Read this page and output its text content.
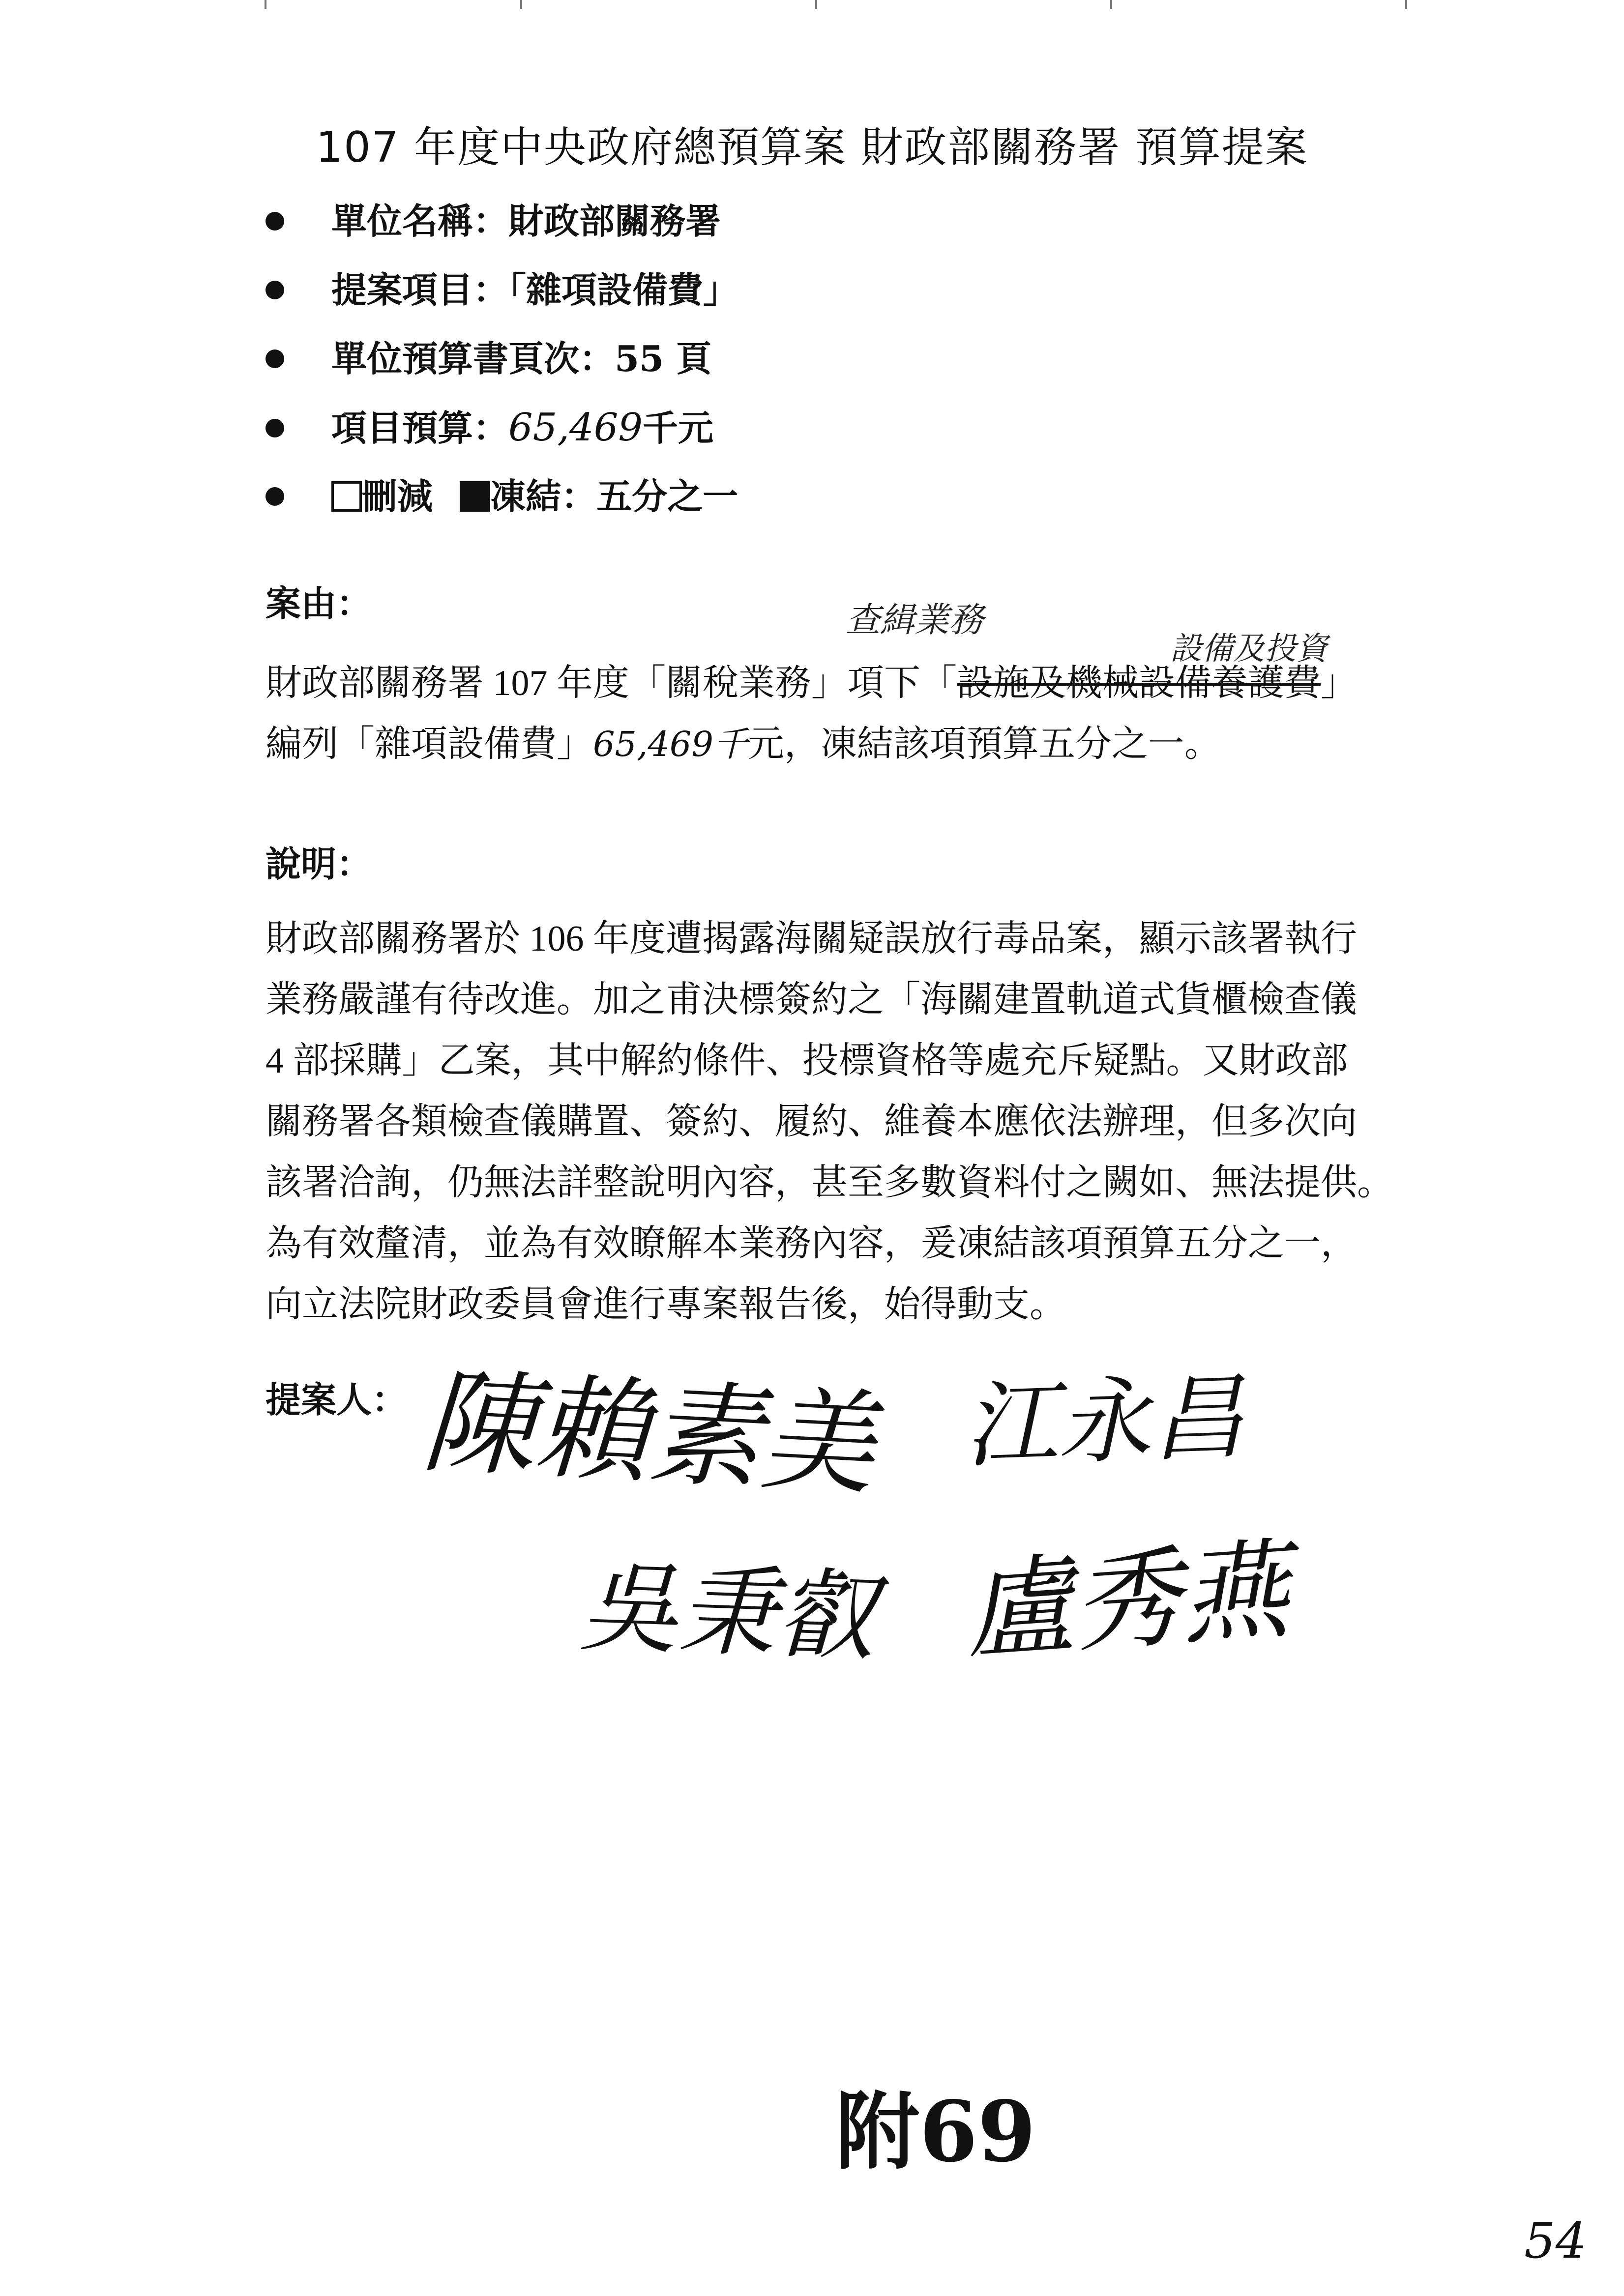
107 年度中央政府總預算案 財政部關務署 預算提案
單位名稱：財政部關務署
提案項目：「雜項設備費」
單位預算書頁次：55 頁
項目預算：65,469千元
刪減 凍結：五分之一
案由：	查緝業務
設備及投資
財政部關務署 107 年度「關稅業務」項下「設施及機械設備養護費」
編列「雜項設備費」65,469千元，凍結該項預算五分之一。
說明：
財政部關務署於 106 年度遭揭露海關疑誤放行毒品案，顯示該署執行
業務嚴謹有待改進。加之甫決標簽約之「海關建置軌道式貨櫃檢查儀
4 部採購」乙案，其中解約條件、投標資格等處充斥疑點。又財政部
關務署各類檢查儀購置、簽約、履約、維養本應依法辦理，但多次向
該署洽詢，仍無法詳整說明內容，甚至多數資料付之闕如、無法提供。
為有效釐清，並為有效瞭解本業務內容，爰凍結該項預算五分之一，
向立法院財政委員會進行專案報告後，始得動支。
提案人： 陳賴素美 江永昌
吳秉叡 盧秀燕
附69
54
